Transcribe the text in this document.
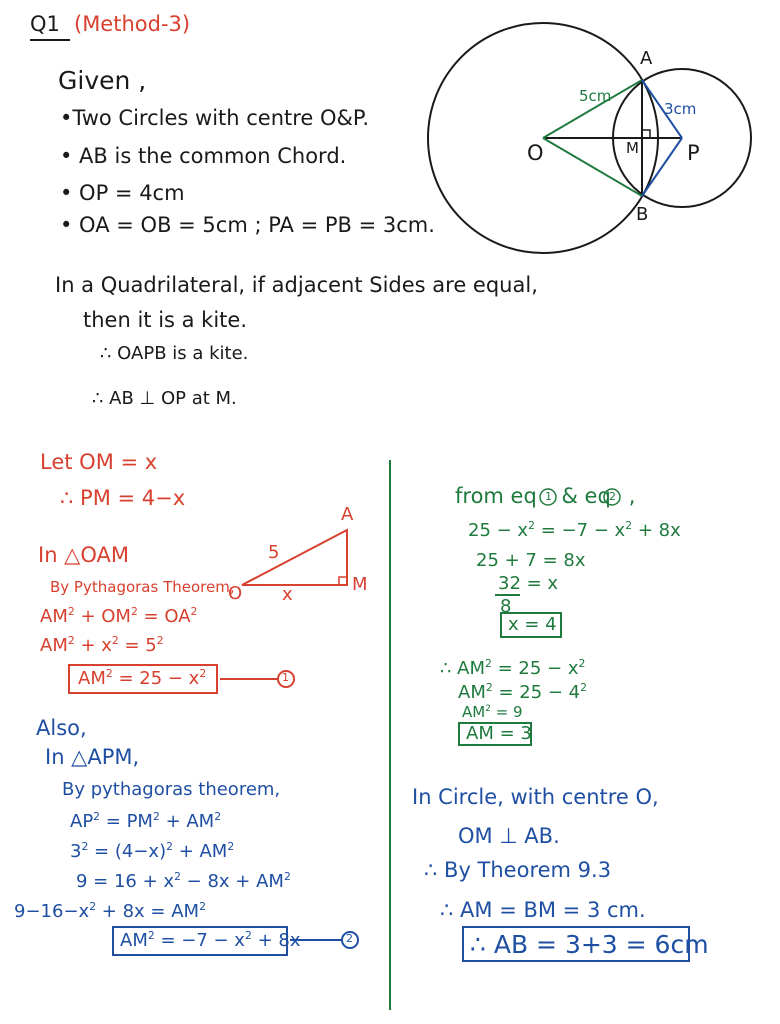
Q1 (Method-3)
Given ,
•Two Circles with centre O&P.
• AB is the common Chord.
• OP = 4cm
• OA = OB = 5cm ; PA = PB = 3cm.
A
B
O	P
M
5cm
3cm
In a Quadrilateral, if adjacent Sides are equal,
then it is a kite.
∴ OAPB is a kite.
∴ AB ⊥ OP at M.
Let OM = x
∴ PM = 4−x
In △OAM
By Pythagoras Theorem,
$AM^2 + OM^2 = OA^2$
$AM^2 + x^2 = 5^2$
$AM^2 = 25 - x^2$	1
A
O	M
5
x
Also,
In △APM,
By pythagoras theorem,
$AP^2 = PM^2 + AM^2$
$3^2 = (4-x)^2 + AM^2$
$9 = 16 + x^2 - 8x + AM^2$
$9-16-x^2 + 8x = AM^2$
$AM^2 = -7 - x^2 + 8x$	2
from eq & eq ,
1	2
$25 - x^2 = -7 - x^2 + 8x$
25 + 7 = 8x
32 = x
8
x = 4
∴ $AM^2 = 25 - x^2$
$AM^2 = 25 - 4^2$
$AM^2 = 9$
AM = 3
In Circle, with centre O,
OM ⊥ AB.
∴ By Theorem 9.3
∴ AM = BM = 3 cm.
∴ AB = 3+3 = 6cm
